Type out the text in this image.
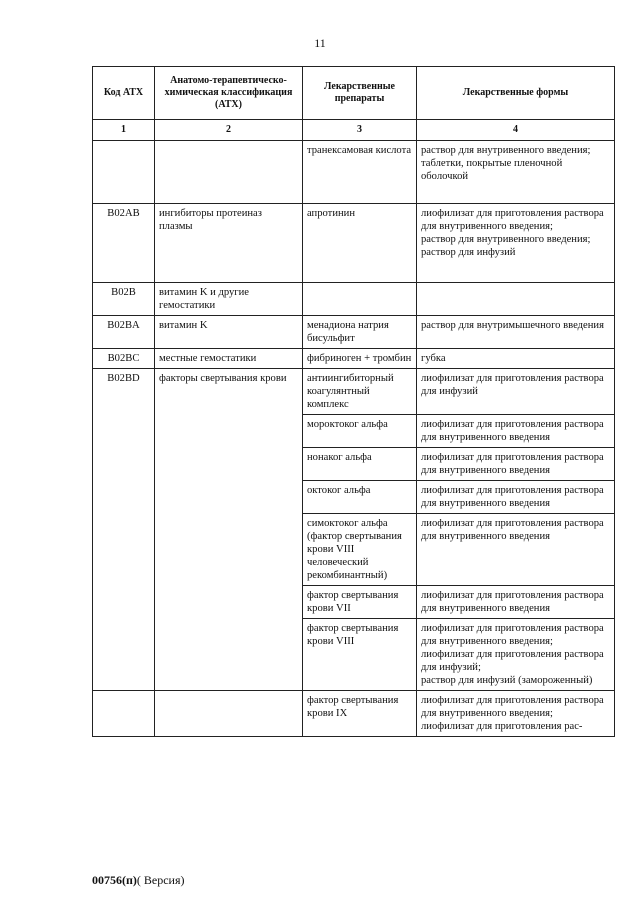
11
Код АТХ	Анатомо-терапевтическо-химическая классификация (АТХ)	Лекарственные препараты	Лекарственные формы
1	2	3	4
		транексамовая кислота	раствор для внутривенного введения;
таблетки, покрытые пленочной оболочкой

B02AB	ингибиторы протеиназ плазмы	апротинин	лиофилизат для приготовления раствора для внутривенного введения;
раствор для внутривенного введения;
раствор для инфузий

B02B	витамин K и другие гемостатики		
B02BA	витамин K	менадиона натрия бисульфит	раствор для внутримышечного введения

B02BC	местные гемостатики	фибриноген + тромбин	губка

B02BD	факторы свертывания крови	антиингибиторный коагулянтный комплекс	лиофилизат для приготовления раствора для инфузий

		мороктоког альфа	лиофилизат для приготовления раствора для внутривенного введения

		нонаког альфа	лиофилизат для приготовления раствора для внутривенного введения

		октоког альфа	лиофилизат для приготовления раствора для внутривенного введения

		симоктоког альфа (фактор свертывания крови VIII человеческий рекомбинантный)	лиофилизат для приготовления раствора для внутривенного введения

		фактор свертывания крови VII	лиофилизат для приготовления раствора для внутривенного введения

		фактор свертывания крови VIII	лиофилизат для приготовления раствора для внутривенного введения;
лиофилизат для приготовления раствора для инфузий;
раствор для инфузий (замороженный)

		фактор свертывания крови IX	лиофилизат для приготовления раствора для внутривенного введения;
лиофилизат для приготовления рас-
00756(п)( Версия)
